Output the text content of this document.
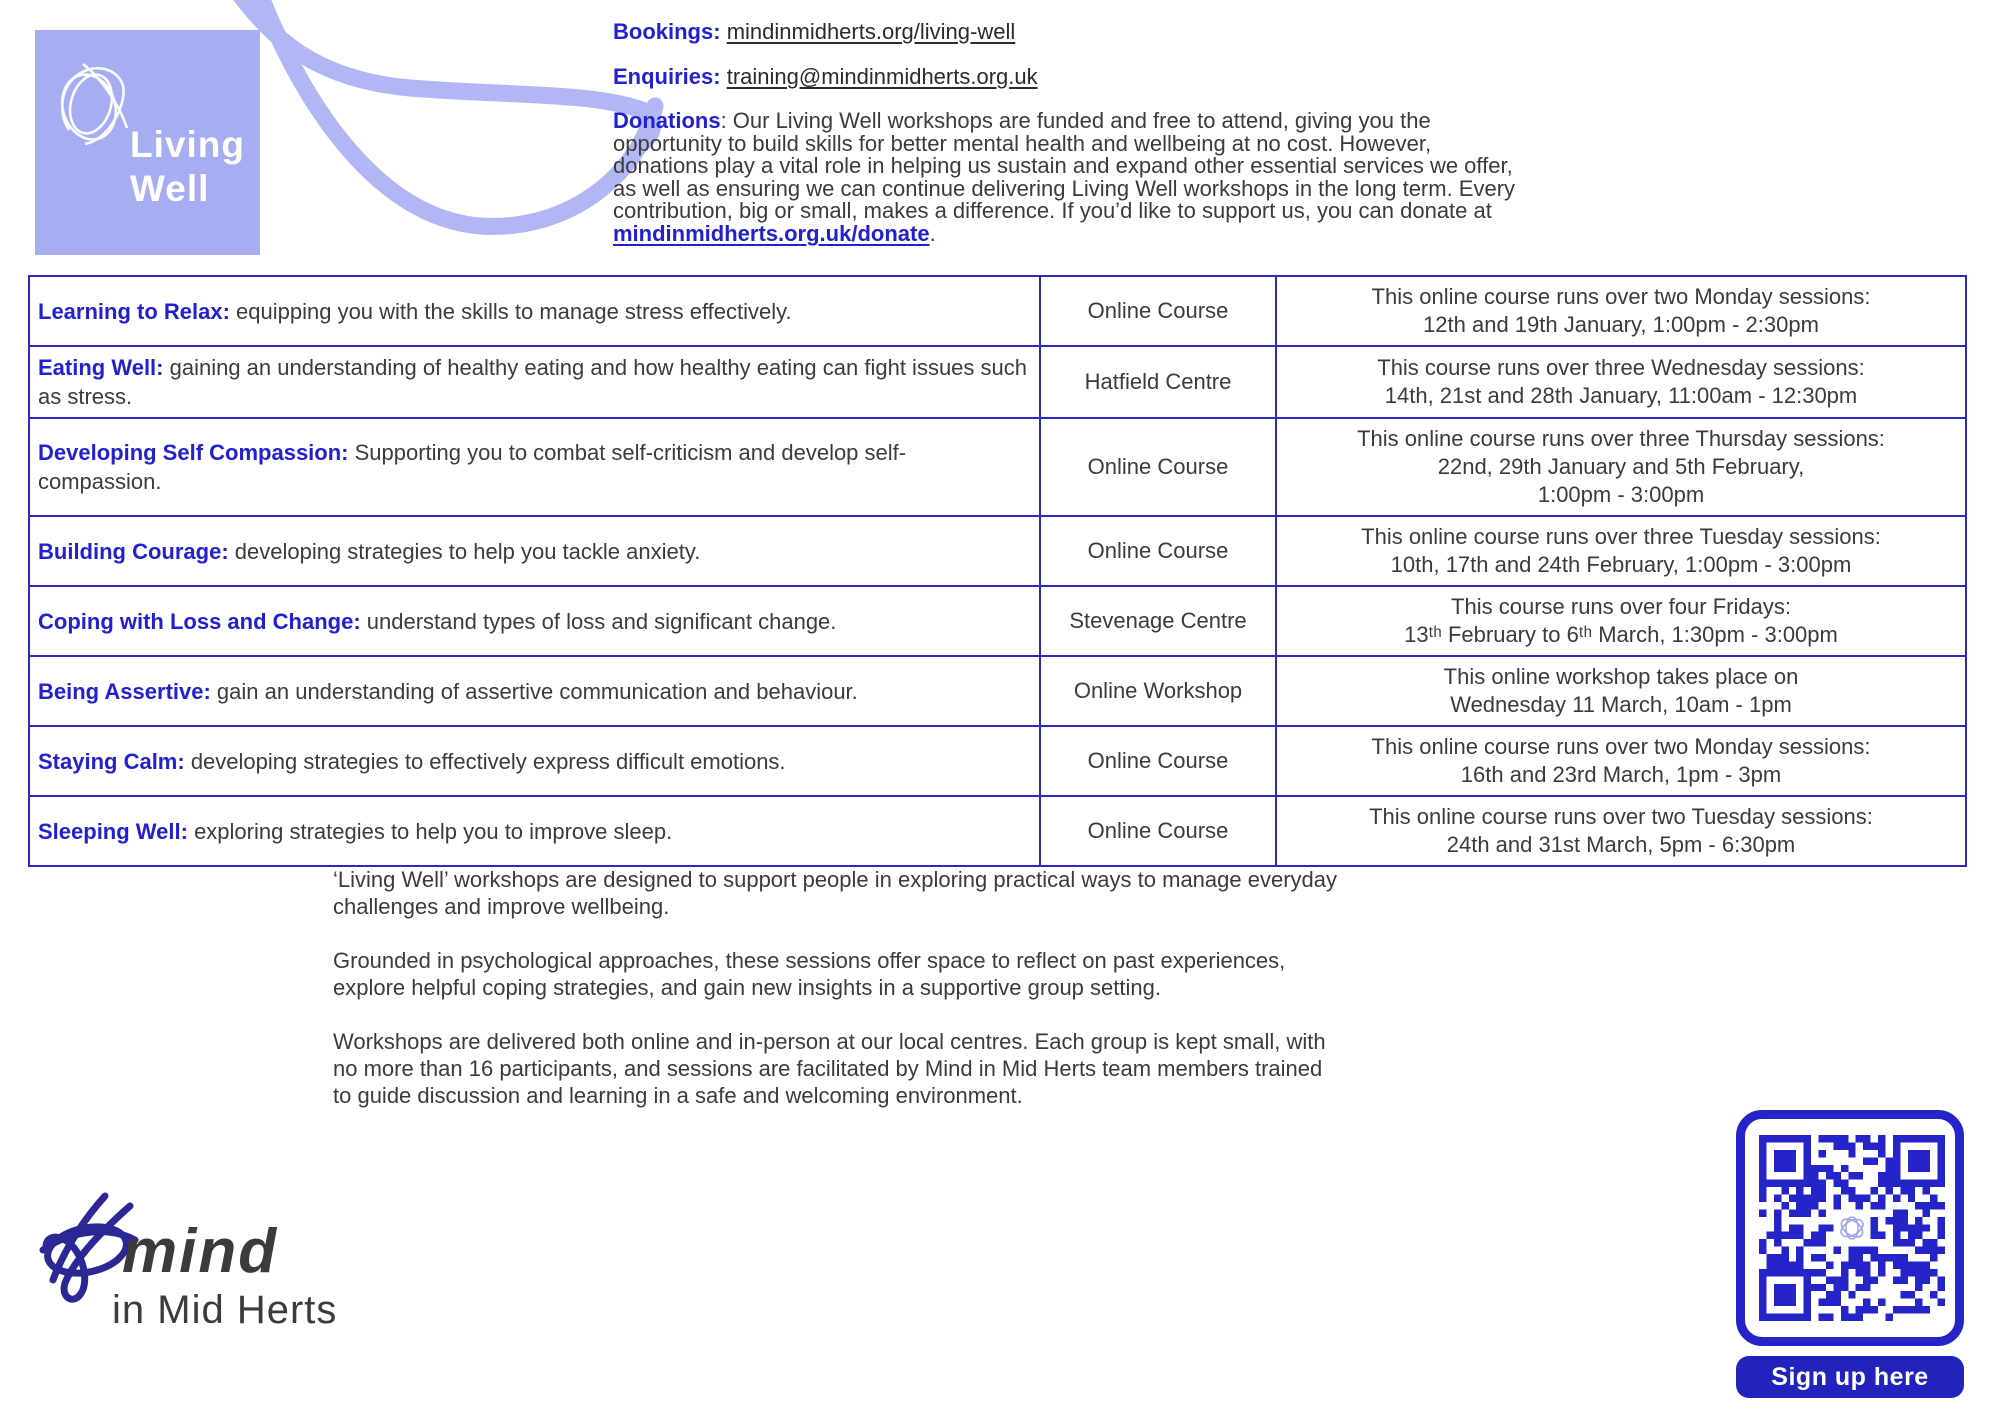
Living
Well
Bookings: mindinmidherts.org/living-well
Enquiries: training@mindinmidherts.org.uk
Donations: Our Living Well workshops are funded and free to attend, giving you the opportunity to build skills for better mental health and wellbeing at no cost. However, donations play a vital role in helping us sustain and expand other essential services we offer, as well as ensuring we can continue delivering Living Well workshops in the long term. Every contribution, big or small, makes a difference. If you’d like to support us, you can donate at mindinmidherts.org.uk/donate.
Learning to Relax: equipping you with the skills to manage stress effectively.	Online Course	This online course runs over two Monday sessions:
12th and 19th January, 1:00pm - 2:30pm

Eating Well: gaining an understanding of healthy eating and how healthy eating can fight issues such as stress.	Hatfield Centre	This course runs over three Wednesday sessions:
14th, 21st and 28th January, 11:00am - 12:30pm

Developing Self Compassion: Supporting you to combat self-criticism and develop self-compassion.	Online Course	This online course runs over three Thursday sessions:
22nd, 29th January and 5th February,
1:00pm - 3:00pm

Building Courage: developing strategies to help you tackle anxiety.	Online Course	This online course runs over three Tuesday sessions:
10th, 17th and 24th February, 1:00pm - 3:00pm

Coping with Loss and Change: understand types of loss and significant change.	Stevenage Centre	This course runs over four Fridays:
13ᵗʰ February to 6ᵗʰ March, 1:30pm - 3:00pm

Being Assertive: gain an understanding of assertive communication and behaviour.	Online Workshop	This online workshop takes place on
Wednesday 11 March, 10am - 1pm

Staying Calm: developing strategies to effectively express difficult emotions.	Online Course	This online course runs over two Monday sessions:
16th and 23rd March, 1pm - 3pm

Sleeping Well: exploring strategies to help you to improve sleep.	Online Course	This online course runs over two Tuesday sessions:
24th and 31st March, 5pm - 6:30pm

‘Living Well’ workshops are designed to support people in exploring practical ways to manage everyday challenges and improve wellbeing.

Grounded in psychological approaches, these sessions offer space to reflect on past experiences, explore helpful coping strategies, and gain new insights in a supportive group setting.

Workshops are delivered both online and in-person at our local centres. Each group is kept small, with no more than 16 participants, and sessions are facilitated by Mind in Mid Herts team members trained to guide discussion and learning in a safe and welcoming environment.

mind
in Mid Herts
Sign up here
